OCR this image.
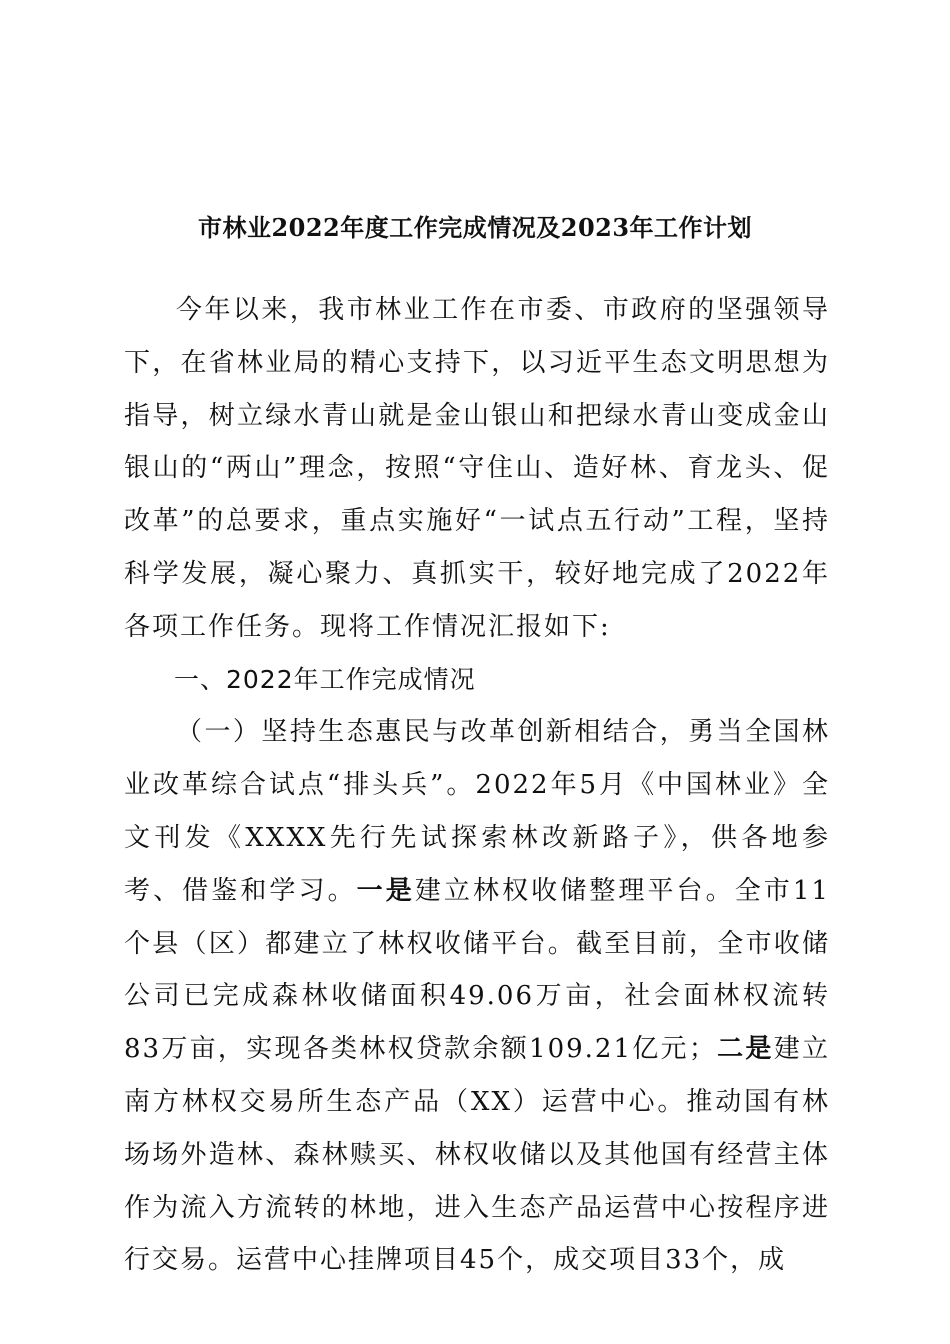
市林业2022年度工作完成情况及2023年工作计划

今年以来，我市林业工作在市委、市政府的坚强领导下，在省林业局的精心支持下，以习近平生态文明思想为指导，树立绿水青山就是金山银山和把绿水青山变成金山银山的“两山”理念，按照“守住山、造好林、育龙头、促改革”的总要求，重点实施好“一试点五行动”工程，坚持科学发展，凝心聚力、真抓实干，较好地完成了2022年各项工作任务。现将工作情况汇报如下:

一、2022年工作完成情况

（一）坚持生态惠民与改革创新相结合，勇当全国林业改革综合试点“排头兵”。2022年5月《中国林业》全文刊发《XXXX先行先试探索林改新路子》，供各地参考、借鉴和学习。一是建立林权收储整理平台。全市11个县（区）都建立了林权收储平台。截至目前，全市收储公司已完成森林收储面积49.06万亩，社会面林权流转83万亩，实现各类林权贷款余额109.21亿元；二是建立南方林权交易所生态产品（XX）运营中心。推动国有林场场外造林、森林赎买、林权收储以及其他国有经营主体作为流入方流转的林地，进入生态产品运营中心按程序进行交易。运营中心挂牌项目45个，成交项目33个，成
